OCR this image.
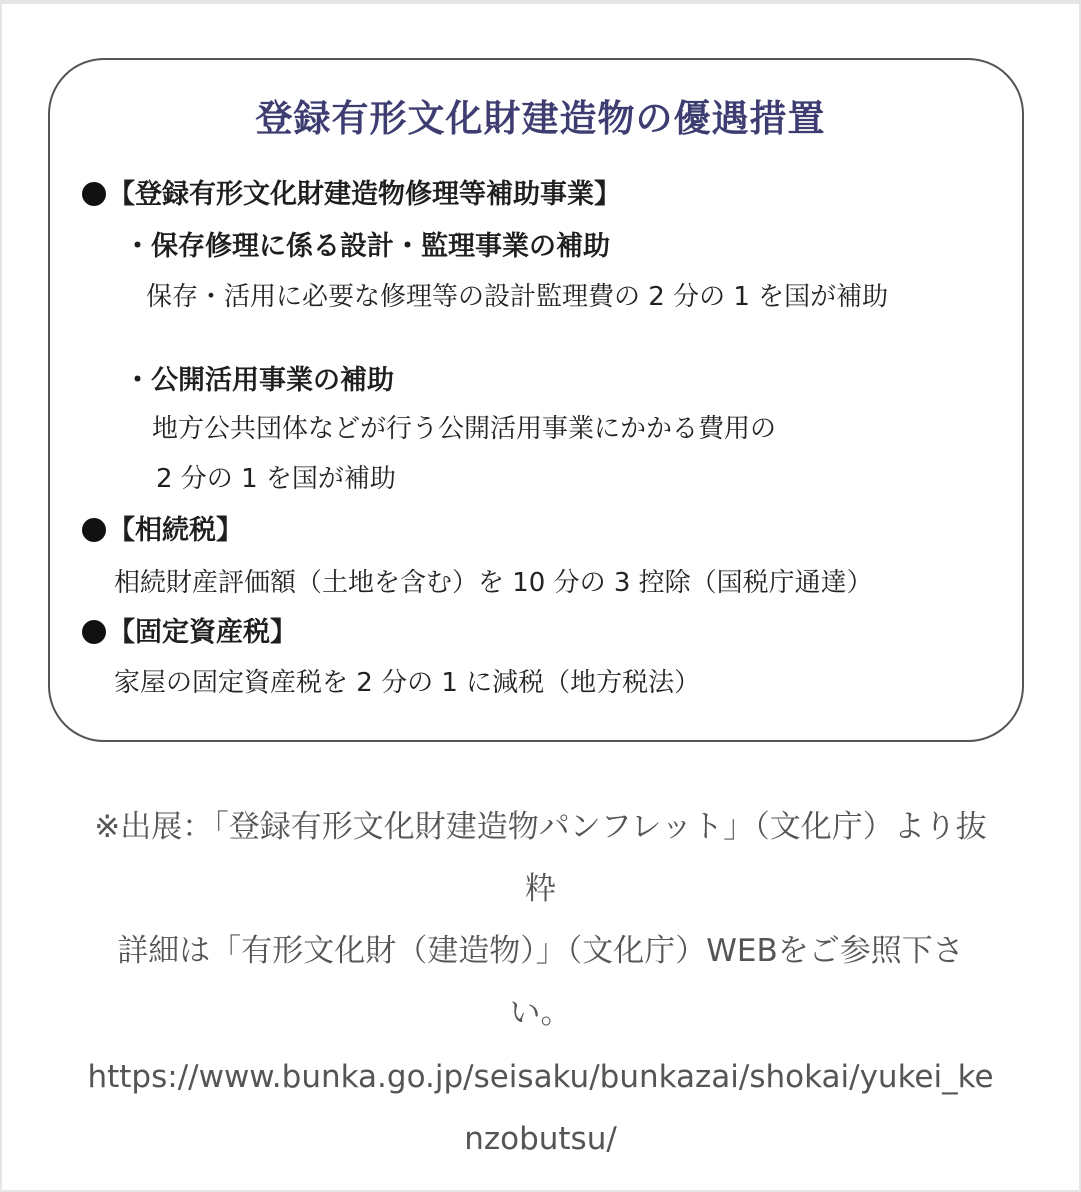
登録有形文化財建造物の優遇措置
【登録有形文化財建造物修理等補助事業】
・保存修理に係る設計・監理事業の補助
保存・活用に必要な修理等の設計監理費の 2 分の 1 を国が補助
・公開活用事業の補助
地方公共団体などが行う公開活用事業にかかる費用の
2 分の 1 を国が補助
【相続税】
相続財産評価額（土地を含む）を 10 分の 3 控除（国税庁通達）
【固定資産税】
家屋の固定資産税を 2 分の 1 に減税（地方税法）
※出展：「登録有形文化財建造物パンフレット」（文化庁）より抜
粋
詳細は「有形文化財（建造物）」（文化庁）WEBをご参照下さ
い。
https://www.bunka.go.jp/seisaku/bunkazai/shokai/yukei_ke
nzobutsu/
